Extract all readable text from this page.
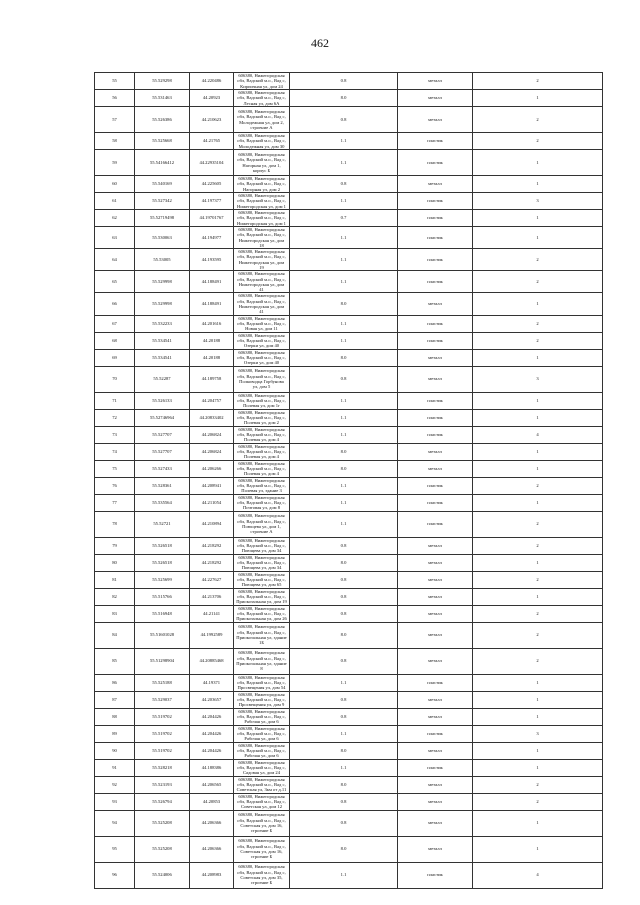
462
55	55.529298	44.220486	606380, Нижегородская обл, Вадский м.о., Вад с, Кирпичная ул, дом 24	0.8	металл	2
56	55.531463	44.20923	606380, Нижегородская обл, Вадский м.о., Вад с, Лесная ул, дом 6А	8.0	металл	1
57	55.526386	44.210623	606380, Нижегородская обл, Вадский м.о., Вад с, Молодежная ул, дом 2, строение А	0.8	металл	2
58	55.525668	44.21765	606380, Нижегородская обл, Вадский м.о., Вад с, Молодежная ул, дом 30	1.1	пластик	2
59	55.54166412	44.22935104	606380, Нижегородская обл, Вадский м.о., Вад с, Нагорная ул, дом 1, корпус Б	1.1	пластик	1
60	55.540169	44.225605	606380, Нижегородская обл, Вадский м.о., Вад с, Нагорная ул, дом 2	0.8	металл	1
61	55.527342	44.197377	606380, Нижегородская обл, Вадский м.о., Вад с, Нижегородская ул, дом 1	1.1	пластик	3
62	55.52719498	44.19701767	606380, Нижегородская обл, Вадский м.о., Вад с, Нижегородская ул, дом 1	0.7	пластик	1
63	55.530063	44.194977	606380, Нижегородская обл, Вадский м.о., Вад с, Нижегородская ул, дом 18	1.1	пластик	1
64	55.53005	44.193595	606380, Нижегородская обл, Вадский м.о., Вад с, Нижегородская ул, дом 19	1.1	пластик	2
65	55.529998	44.188491	606380, Нижегородская обл, Вадский м.о., Вад с, Нижегородская ул, дом 41	1.1	пластик	2
66	55.529998	44.188491	606380, Нижегородская обл, Вадский м.о., Вад с, Нижегородская ул, дом 41	8.0	металл	1
67	55.532233	44.201616	606380, Нижегородская обл, Вадский м.о., Вад с, Новая ул, дом 11	1.1	пластик	2
68	55.534541	44.20188	606380, Нижегородская обл, Вадский м.о., Вад с, Озерки ул, дом 40	1.1	пластик	2
69	55.534541	44.20188	606380, Нижегородская обл, Вадский м.о., Вад с, Озерки ул, дом 40	8.0	металл	1
70	55.52287	44.189758	606380, Нижегородская обл, Вадский м.о., Вад с, Полководца Горбунова ул, дом 5	0.8	металл	3
71	55.526133	44.204757	606380, Нижегородская обл, Вадский м.о., Вад с, Полевая ул, дом 1г	1.1	пластик	1
72	55.52746964	44.20833402	606380, Нижегородская обл, Вадский м.о., Вад с, Полевая ул, дом 2	1.1	пластик	1
73	55.527707	44.206824	606380, Нижегородская обл, Вадский м.о., Вад с, Полевая ул, дом 4	1.1	пластик	4
74	55.527707	44.206824	606380, Нижегородская обл, Вадский м.о., Вад с, Полевая ул, дом 4	8.0	металл	1
75	55.527433	44.206266	606380, Нижегородская обл, Вадский м.о., Вад с, Полевая ул, дом 4	8.0	металл	1
76	55.528361	44.208941	606380, Нижегородская обл, Вадский м.о., Вад с, Полевая ул, здание 3	1.1	пластик	2
77	55.535564	44.211054	606380, Нижегородская обл, Вадский м.о., Вад с, Почтовая ул, дом 8	1.1	пластик	1
78	55.52721	44.210894	606380, Нижегородская обл, Вадский м.о., Вад с, Поющева ул, дом 1, строение А	1.1	пластик	2
79	55.526518	44.218292	606380, Нижегородская обл, Вадский м.о., Вад с, Поющева ул, дом 34	0.8	металл	2
80	55.526518	44.218292	606380, Нижегородская обл, Вадский м.о., Вад с, Поющева ул, дом 34	8.0	металл	1
81	55.525699	44.227627	606380, Нижегородская обл, Вадский м.о., Вад с, Поющева ул, дом 65	0.8	металл	2
82	55.515766	44.213706	606380, Нижегородская обл, Вадский м.о., Вад с, Приокозальная ул, дом 19	0.8	металл	1
83	55.516948	44.21141	606380, Нижегородская обл, Вадский м.о., Вад с, Приокозальная ул, дом 26	0.8	металл	2
84	55.51601028	44.1992589	606380, Нижегородская обл, Вадский м.о., Вад с, Приокозальная ул, здание 1Б	8.0	металл	2
85	55.51298904	44.20885468	606380, Нижегородская обл, Вадский м.о., Вад с, Приокозальная ул, здание 8	0.8	металл	2
86	55.525188	44.19371	606380, Нижегородская обл, Вадский м.о., Вад с, Просвещения ул, дом 54	1.1	пластик	1
87	55.529037	44.203657	606380, Нижегородская обл, Вадский м.о., Вад с, Просвещения ул, дом 9	0.8	металл	1
88	55.519702	44.204426	606380, Нижегородская обл, Вадский м.о., Вад с, Рабочая ул, дом 6	0.8	металл	1
89	55.519702	44.204426	606380, Нижегородская обл, Вадский м.о., Вад с, Рабочая ул, дом 6	1.1	пластик	3
90	55.519702	44.204426	606380, Нижегородская обл, Вадский м.о., Вад с, Рабочая ул, дом 6	8.0	металл	1
91	55.528218	44.188386	606380, Нижегородская обл, Вадский м.о., Вад с, Садовая ул, дом 24	1.1	пластик	1
92	55.523193	44.206565	606380, Нижегородская обл, Вадский м.о., Вад с, Советская ул, 3км от д.11	8.0	металл	2
93	55.526794	44.20853	606380, Нижегородская обл, Вадский м.о., Вад с, Советская ул, дом 12	0.8	металл	2
94	55.525208	44.206366	606380, Нижегородская обл, Вадский м.о., Вад с, Советская ул, дом 16, строение Б	0.8	металл	1
95	55.525208	44.206366	606380, Нижегородская обл, Вадский м.о., Вад с, Советская ул, дом 16, строение Б	8.0	металл	1
96	55.524006	44.208983	606380, Нижегородская обл, Вадский м.о., Вад с, Советская ул, дом 35, строение Б	1.1	пластик	4
